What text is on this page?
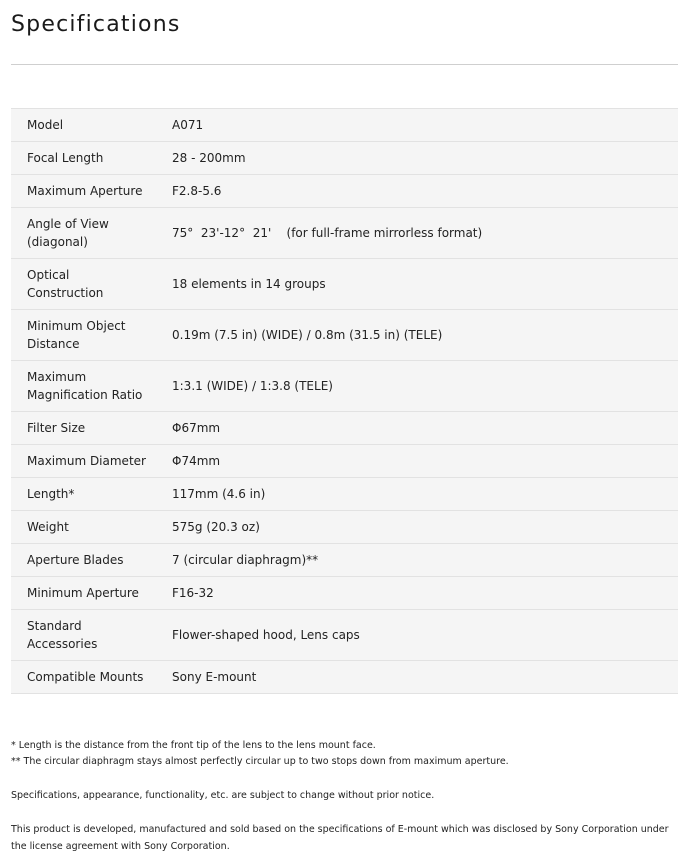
Specifications
Model	A071
Focal Length	28 - 200mm
Maximum Aperture	F2.8-5.6
Angle of View
(diagonal)	75°  23'-12°  21'    (for full-frame mirrorless format)
Optical
Construction	18 elements in 14 groups
Minimum Object
Distance	0.19m (7.5 in) (WIDE) / 0.8m (31.5 in) (TELE)
Maximum
Magnification Ratio	1:3.1 (WIDE) / 1:3.8 (TELE)
Filter Size	Φ67mm
Maximum Diameter	Φ74mm
Length*	117mm (4.6 in)
Weight	575g (20.3 oz)
Aperture Blades	7 (circular diaphragm)**
Minimum Aperture	F16-32
Standard
Accessories	Flower-shaped hood, Lens caps
Compatible Mounts	Sony E-mount

* Length is the distance from the front tip of the lens to the lens mount face.

** The circular diaphragm stays almost perfectly circular up to two stops down from maximum aperture.

Specifications, appearance, functionality, etc. are subject to change without prior notice.

This product is developed, manufactured and sold based on the specifications of E-mount which was disclosed by Sony Corporation under the license agreement with Sony Corporation.
